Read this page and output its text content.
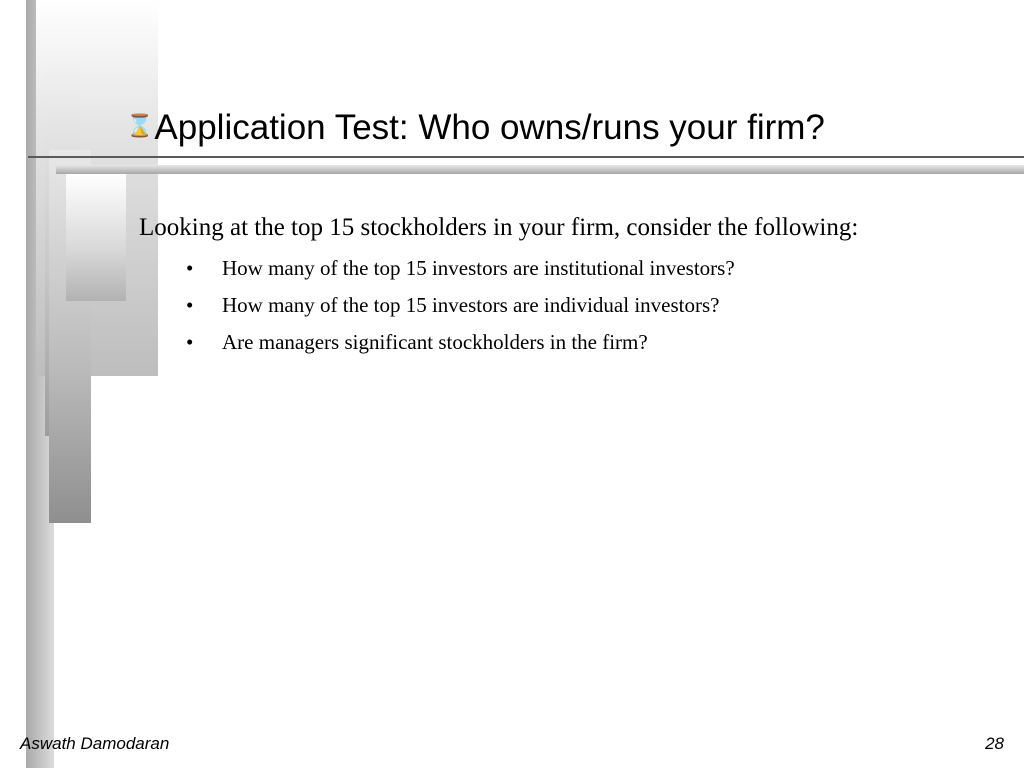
⌛Application Test: Who owns/runs your firm?

Looking at the top 15 stockholders in your firm, consider the following:

• How many of the top 15 investors are institutional investors?
• How many of the top 15 investors are individual investors?
• Are managers significant stockholders in the firm?
Aswath Damodaran	28
